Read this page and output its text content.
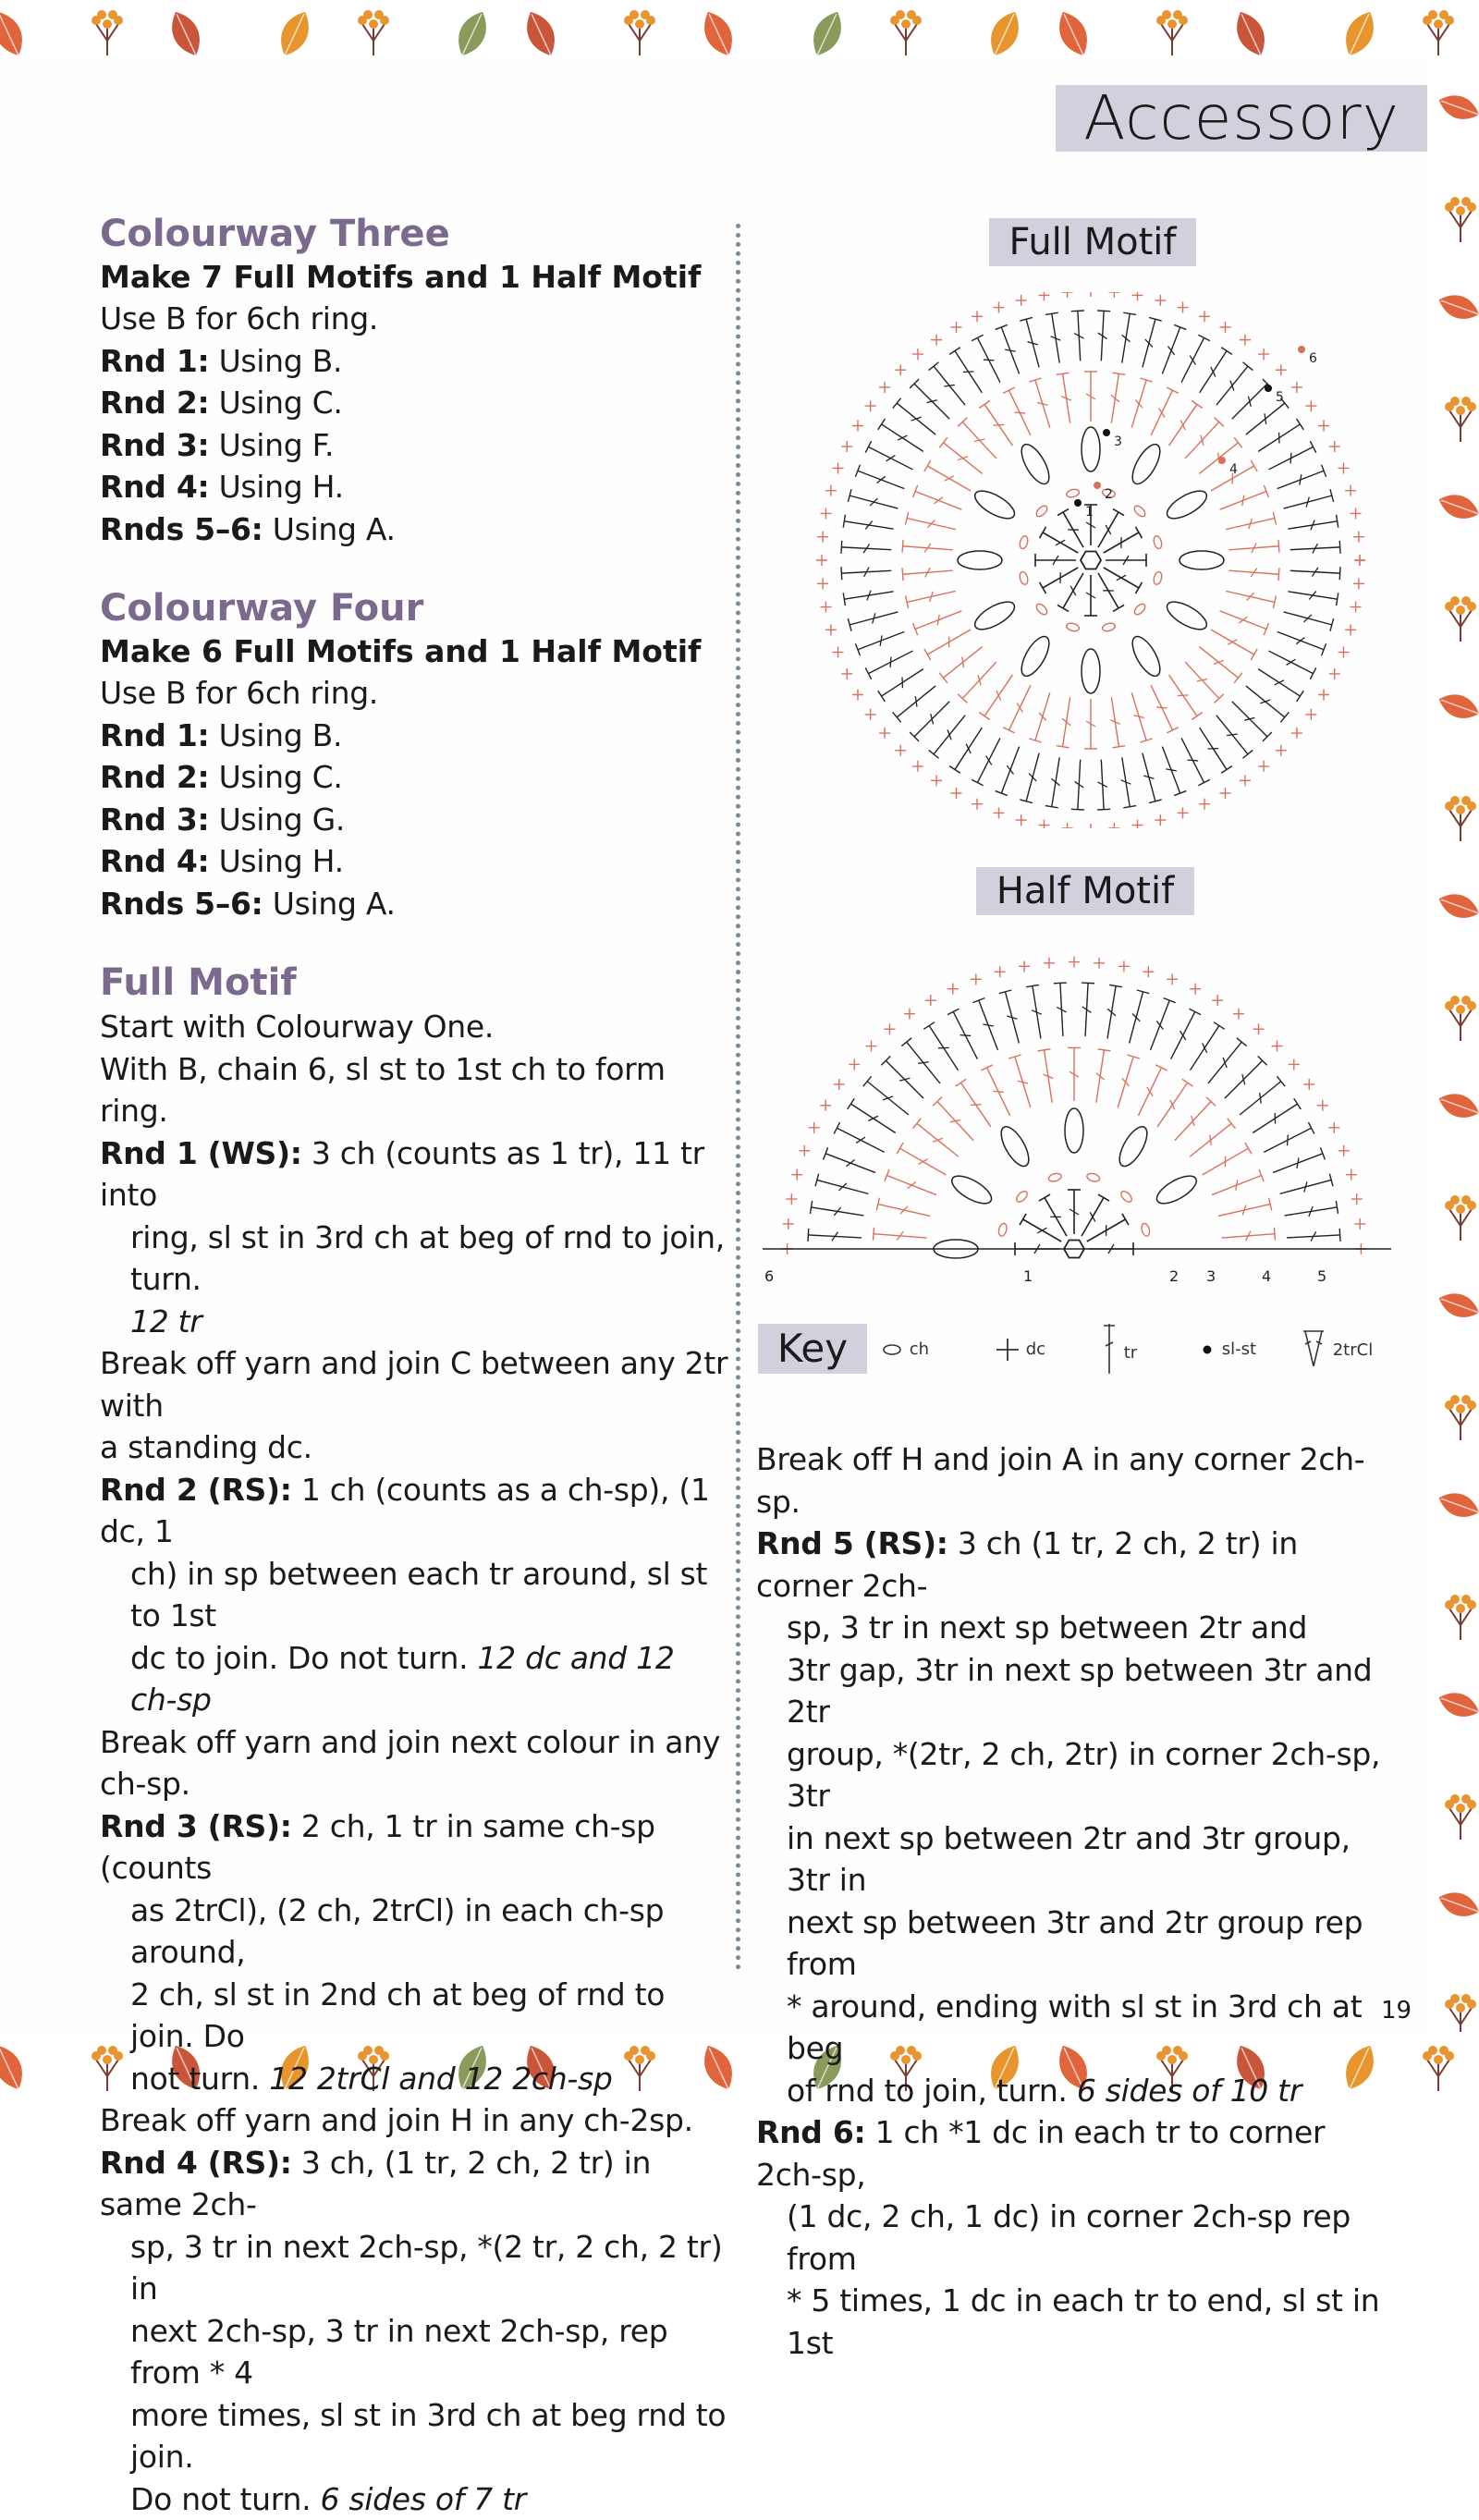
Accessory

Colourway Three

Make 7 Full Motifs and 1 Half Motif

Use B for 6ch ring.

Rnd 1: Using B.

Rnd 2: Using C.

Rnd 3: Using F.

Rnd 4: Using H.

Rnds 5–6: Using A.

Colourway Four

Make 6 Full Motifs and 1 Half Motif

Use B for 6ch ring.

Rnd 1: Using B.

Rnd 2: Using C.

Rnd 3: Using G.

Rnd 4: Using H.

Rnds 5–6: Using A.

Full Motif

Start with Colourway One.

With B, chain 6, sl st to 1st ch to form ring.

Rnd 1 (WS): 3 ch (counts as 1 tr), 11 tr into

ring, sl st in 3rd ch at beg of rnd to join, turn.

12 tr

Break off yarn and join C between any 2tr with

a standing dc.

Rnd 2 (RS): 1 ch (counts as a ch-sp), (1 dc, 1

ch) in sp between each tr around, sl st to 1st

dc to join. Do not turn. 12 dc and 12 ch-sp

Break off yarn and join next colour in any

ch-sp.

Rnd 3 (RS): 2 ch, 1 tr in same ch-sp (counts

as 2trCl), (2 ch, 2trCl) in each ch-sp around,

2 ch, sl st in 2nd ch at beg of rnd to join. Do

not turn. 12 2trCl and 12 2ch-sp

Break off yarn and join H in any ch-2sp.

Rnd 4 (RS): 3 ch, (1 tr, 2 ch, 2 tr) in same 2ch-

sp, 3 tr in next 2ch-sp, *(2 tr, 2 ch, 2 tr) in

next 2ch-sp, 3 tr in next 2ch-sp, rep from * 4

more times, sl st in 3rd ch at beg rnd to join.

Do not turn. 6 sides of 7 tr

Full Motif
1
2
3
4
5
6
Half Motif
6	1	2 3	4	5
Key	ch	dc	tr	sl-st	2trCl

Break off H and join A in any corner 2ch-sp.

Rnd 5 (RS): 3 ch (1 tr, 2 ch, 2 tr) in corner 2ch-

sp, 3 tr in next sp between 2tr and

3tr gap, 3tr in next sp between 3tr and 2tr

group, *(2tr, 2 ch, 2tr) in corner 2ch-sp, 3tr

in next sp between 2tr and 3tr group, 3tr in

next sp between 3tr and 2tr group rep from

* around, ending with sl st in 3rd ch at beg

of rnd to join, turn. 6 sides of 10 tr

Rnd 6: 1 ch *1 dc in each tr to corner 2ch-sp,

(1 dc, 2 ch, 1 dc) in corner 2ch-sp rep from

* 5 times, 1 dc in each tr to end, sl st in 1st

19
